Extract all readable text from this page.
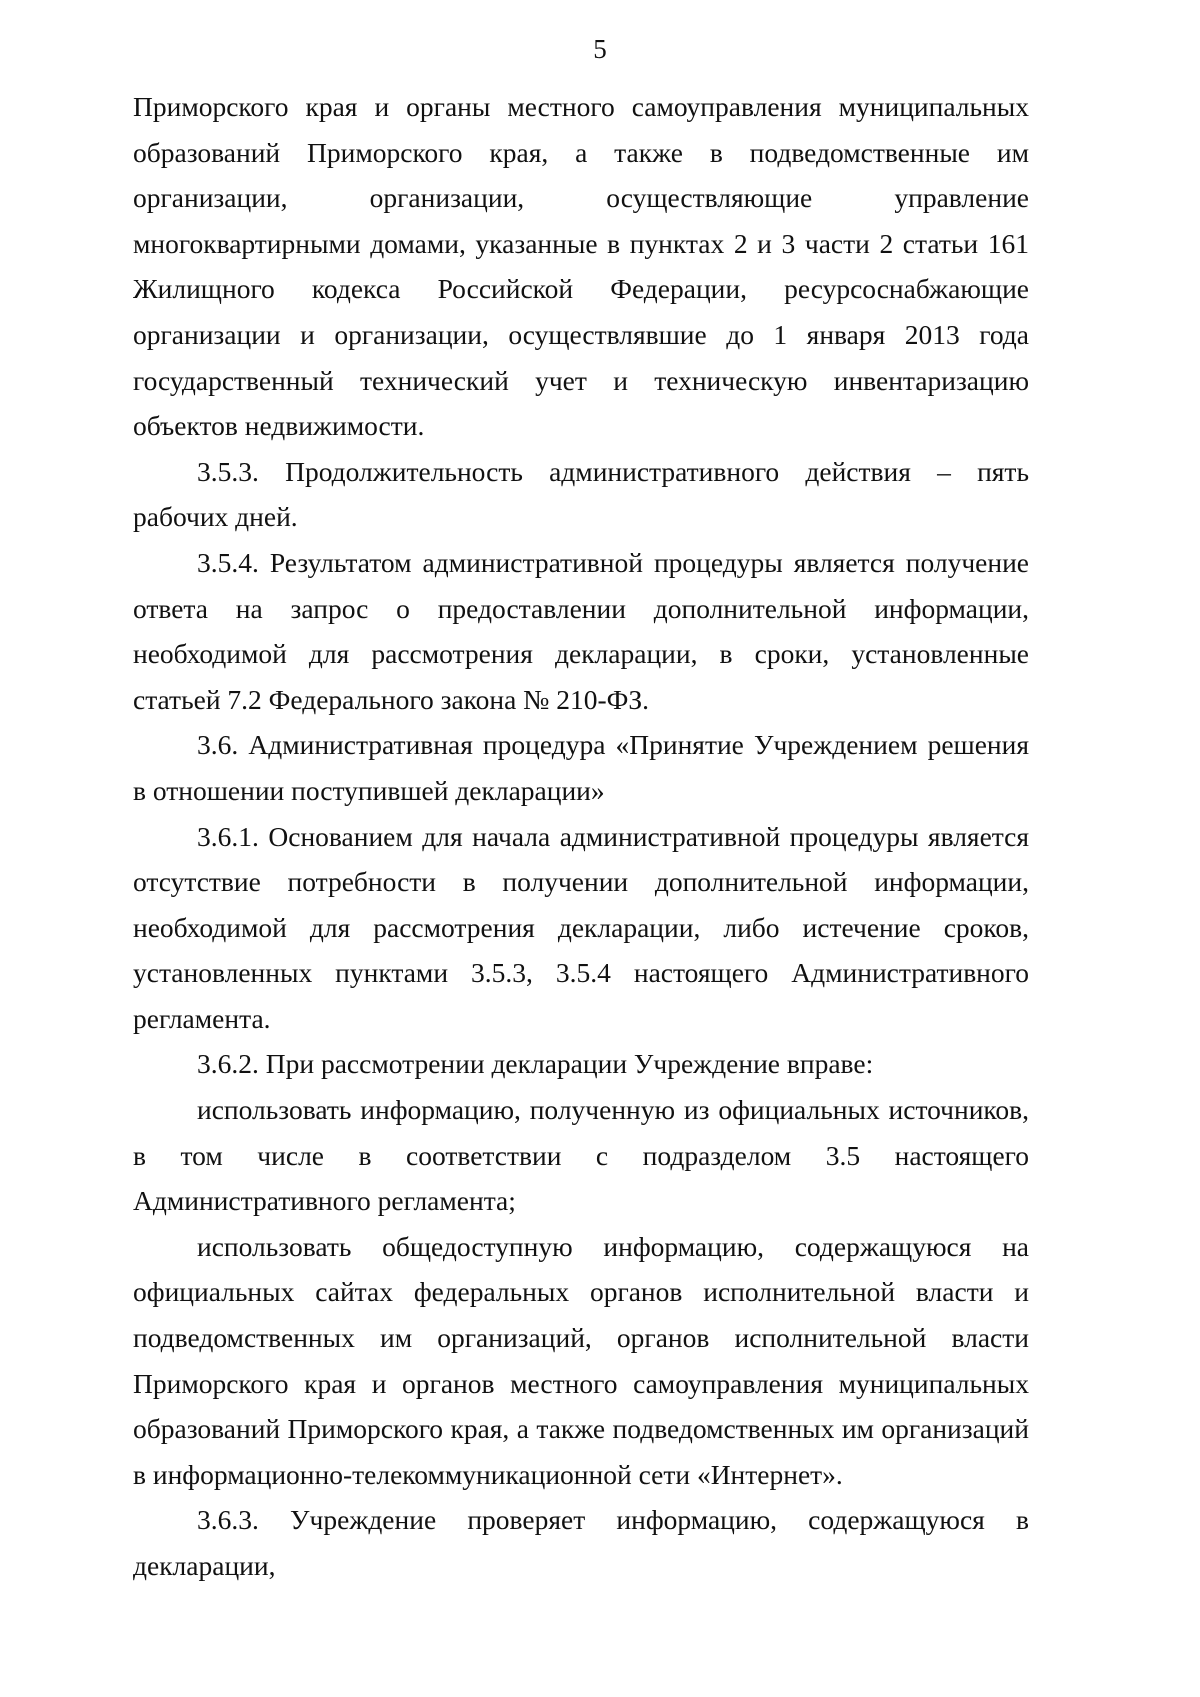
5

Приморского края и органы местного самоуправления муниципальных образований Приморского края, а также в подведомственные им организации, организации, осуществляющие управление многоквартирными домами, указанные в пунктах 2 и 3 части 2 статьи 161 Жилищного кодекса Российской Федерации, ресурсоснабжающие организации и организации, осуществлявшие до 1 января 2013 года государственный технический учет и техническую инвентаризацию объектов недвижимости.

3.5.3. Продолжительность административного действия – пять рабочих дней.

3.5.4. Результатом административной процедуры является получение ответа на запрос о предоставлении дополнительной информации, необходимой для рассмотрения декларации, в сроки, установленные статьей 7.2 Федерального закона № 210-ФЗ.

3.6. Административная процедура «Принятие Учреждением решения в отношении поступившей декларации»

3.6.1. Основанием для начала административной процедуры является отсутствие потребности в получении дополнительной информации, необходимой для рассмотрения декларации, либо истечение сроков, установленных пунктами 3.5.3, 3.5.4 настоящего Административного регламента.

3.6.2. При рассмотрении декларации Учреждение вправе:

использовать информацию, полученную из официальных источников, в том числе в соответствии с подразделом 3.5 настоящего Административного регламента;

использовать общедоступную информацию, содержащуюся на официальных сайтах федеральных органов исполнительной власти и подведомственных им организаций, органов исполнительной власти Приморского края и органов местного самоуправления муниципальных образований Приморского края, а также подведомственных им организаций в информационно-телекоммуникационной сети «Интернет».

3.6.3. Учреждение проверяет информацию, содержащуюся в декларации,
